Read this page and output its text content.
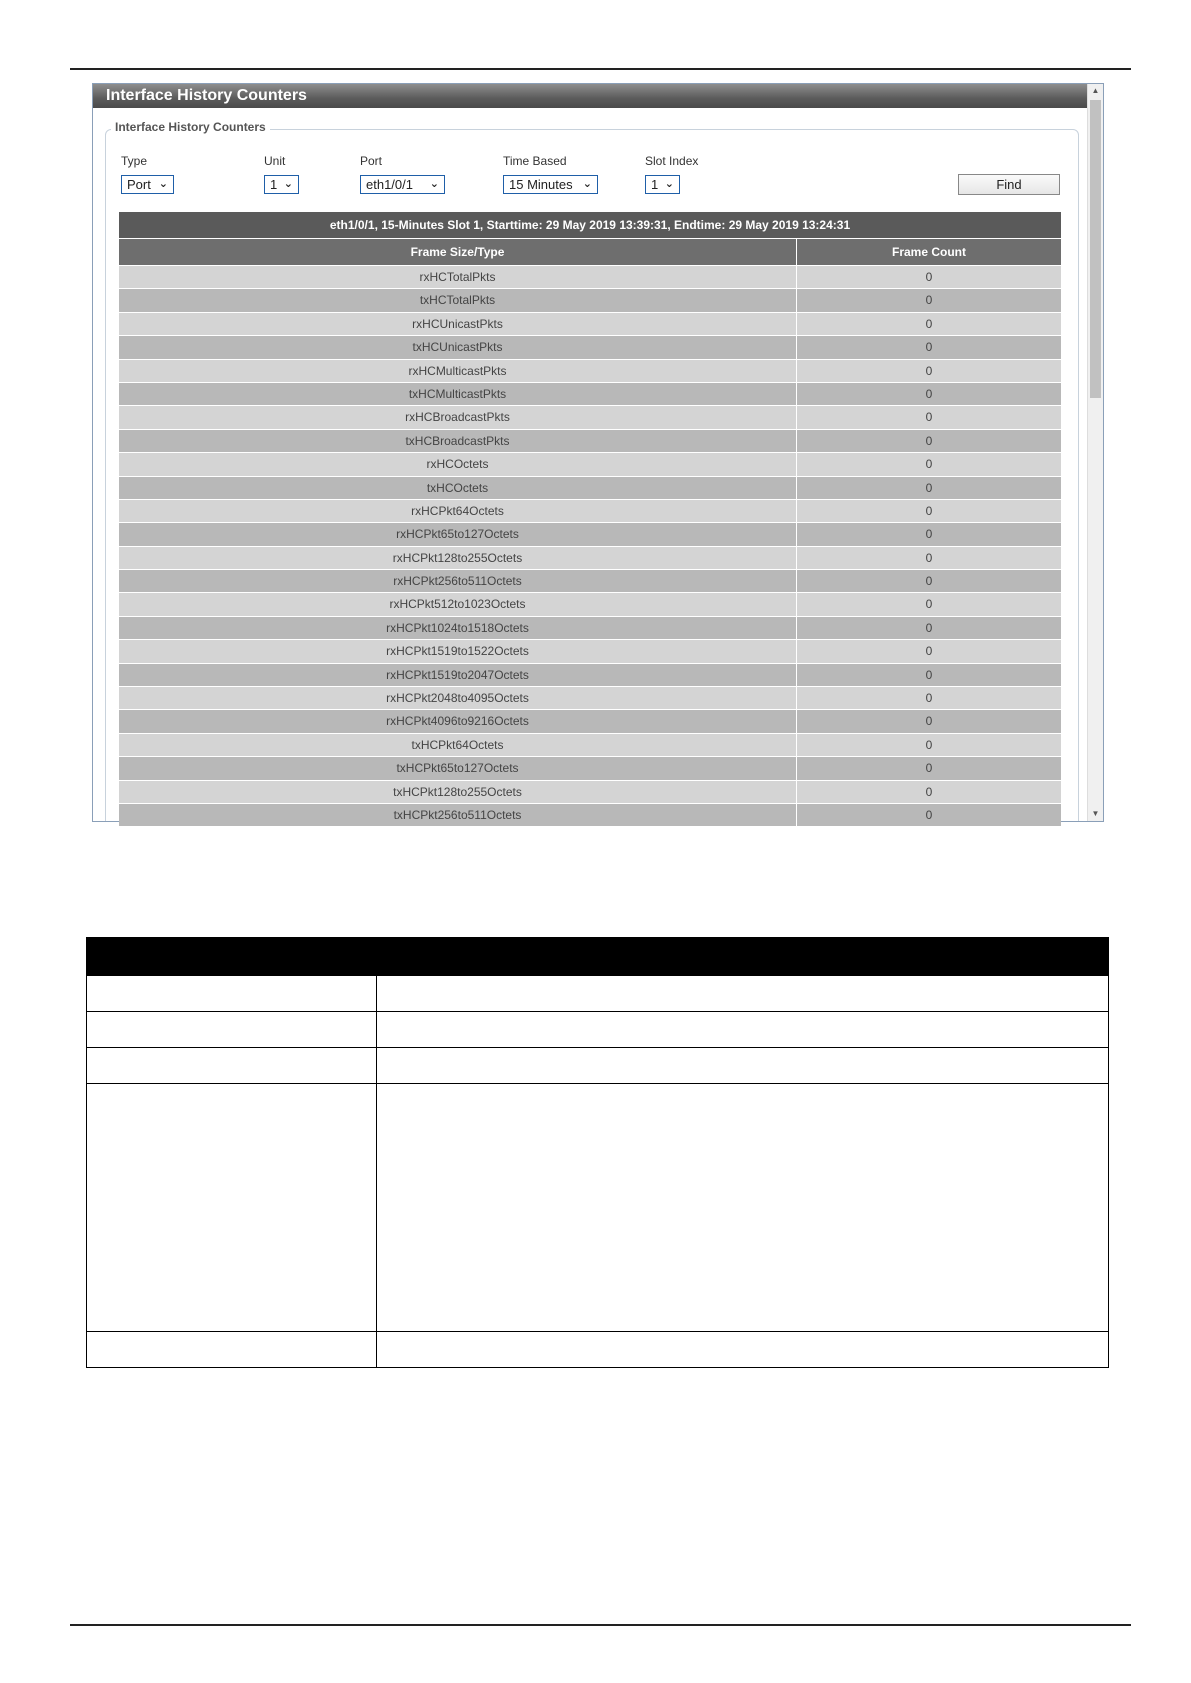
Interface History Counters	▲
▼
Interface History Counters
Type	Unit	Port	Time Based	Slot Index
Port ⌄	1 ⌄	eth1/0/1 ⌄	15 Minutes ⌄	1 ⌄	Find
eth1/0/1, 15-Minutes Slot 1, Starttime: 29 May 2019 13:39:31, Endtime: 29 May 2019 13:24:31
Frame Size/Type	Frame Count
rxHCTotalPkts	0
txHCTotalPkts	0
rxHCUnicastPkts	0
txHCUnicastPkts	0
rxHCMulticastPkts	0
txHCMulticastPkts	0
rxHCBroadcastPkts	0
txHCBroadcastPkts	0
rxHCOctets	0
txHCOctets	0
rxHCPkt64Octets	0
rxHCPkt65to127Octets	0
rxHCPkt128to255Octets	0
rxHCPkt256to511Octets	0
rxHCPkt512to1023Octets	0
rxHCPkt1024to1518Octets	0
rxHCPkt1519to1522Octets	0
rxHCPkt1519to2047Octets	0
rxHCPkt2048to4095Octets	0
rxHCPkt4096to9216Octets	0
txHCPkt64Octets	0
txHCPkt65to127Octets	0
txHCPkt128to255Octets	0
txHCPkt256to511Octets	0
